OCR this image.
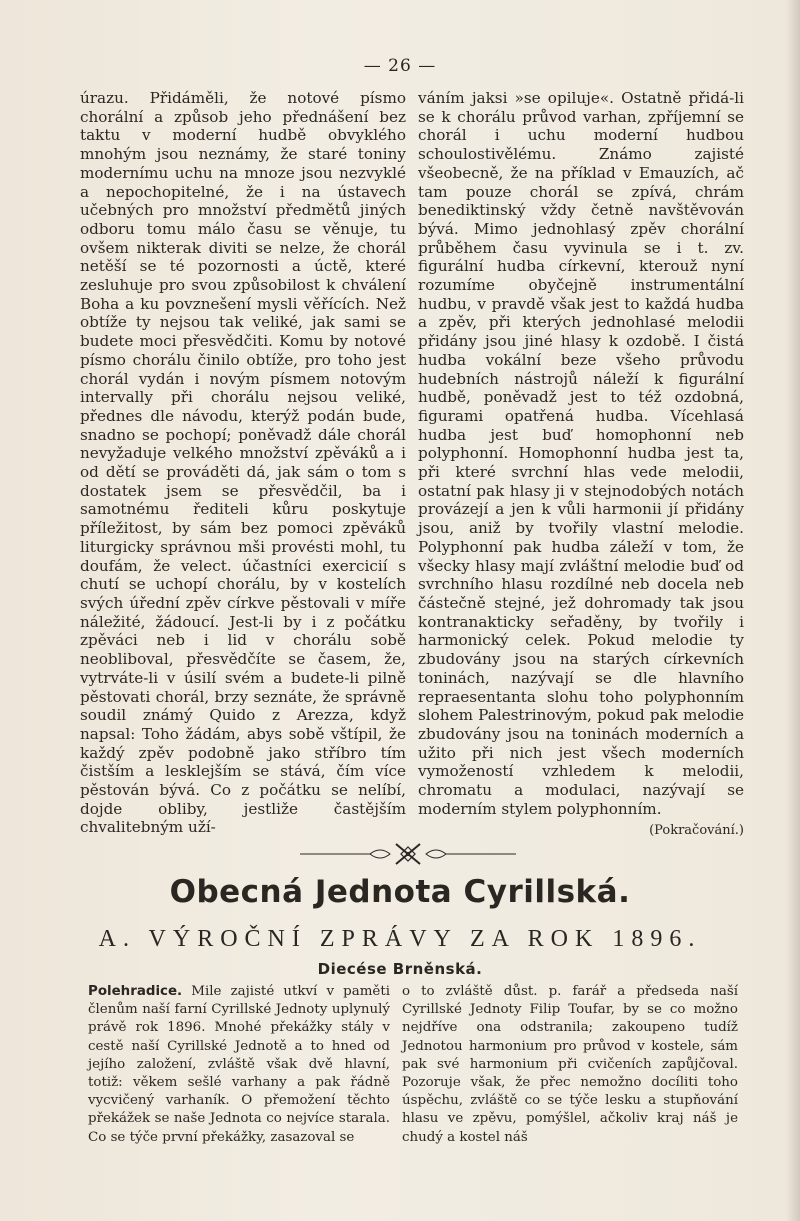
— 26 —

úrazu. Přidáměli, že notové písmo chorální a způsob jeho přednášení bez taktu v moderní hudbě obvyklého mnohým jsou neznámy, že staré toniny modernímu uchu na mnoze jsou nezvyklé a nepochopitelné, že i na ústavech učebných pro množství předmětů jiných odboru tomu málo času se věnuje, tu ovšem nikterak diviti se nelze, že chorál netěší se té pozornosti a úctě, které zesluhuje pro svou způsobilost k chválení Boha a ku povznešení mysli věřících. Než obtíže ty nejsou tak veliké, jak sami se budete moci přesvědčiti. Komu by notové písmo chorálu činilo obtíže, pro toho jest chorál vydán i novým písmem notovým intervally při chorálu nejsou veliké, přednes dle návodu, kterýž podán bude, snadno se pochopí; poněvadž dále chorál nevyžaduje velkého množství zpěváků a i od dětí se prováděti dá, jak sám o tom s dostatek jsem se přesvědčil, ba i samotnému řediteli kůru poskytuje příležitost, by sám bez pomoci zpěváků liturgicky správnou mši provésti mohl, tu doufám, že velect. účastníci exercicií s chutí se uchopí chorálu, by v kostelích svých úřední zpěv církve pěstovali v míře náležité, žádoucí. Jest-li by i z počátku zpěváci neb i lid v chorálu sobě neobliboval, přesvědčíte se časem, že, vytrváte-li v úsilí svém a budete-li pilně pěstovati chorál, brzy seznáte, že správně soudil známý Quido z Arezza, když napsal: Toho žádám, abys sobě vštípil, že každý zpěv podobně jako stříbro tím čistším a lesklejším se stává, čím více pěstován bývá. Co z počátku se nelíbí, dojde obliby, jestliže častějším chvalitebným uží-

váním jaksi »se opiluje«. Ostatně přidá-li se k chorálu průvod varhan, zpříjemní se chorál i uchu moderní hudbou schoulostivělému. Známo zajisté všeobecně, že na příklad v Emauzích, ač tam pouze chorál se zpívá, chrám benediktinský vždy četně navštěvován bývá. Mimo jednohlasý zpěv chorální průběhem času vyvinula se i t. zv. figurální hudba církevní, kterouž nyní rozumíme obyčejně instrumentální hudbu, v pravdě však jest to každá hudba a zpěv, při kterých jednohlasé melodii přidány jsou jiné hlasy k ozdobě. I čistá hudba vokální beze všeho průvodu hudebních nástrojů náleží k figurální hudbě, poněvadž jest to též ozdobná, figurami opatřená hudba. Vícehlasá hudba jest buď homophonní neb polyphonní. Homophonní hudba jest ta, při které svrchní hlas vede melodii, ostatní pak hlasy ji v stejnodobých notách provázejí a jen k vůli harmonii jí přidány jsou, aniž by tvořily vlastní melodie. Polyphonní pak hudba záleží v tom, že všecky hlasy mají zvláštní melodie buď od svrchního hlasu rozdílné neb docela neb částečně stejné, jež dohromady tak jsou kontranakticky seřaděny, by tvořily i harmonický celek. Pokud melodie ty zbudovány jsou na starých církevních toninách, nazývají se dle hlavního repraesentanta slohu toho polyphonním slohem Palestrinovým, pokud pak melodie zbudovány jsou na toninách moderních a užito při nich jest všech moderních vymožeností vzhledem k melodii, chromatu a modulaci, nazývají se moderním stylem polyphonním.

(Pokračování.)
Obecná Jednota Cyrillská.
A. VÝROČNÍ ZPRÁVY ZA ROK 1896.
Diecése Brněnská.

Polehradice. Mile zajisté utkví v paměti členům naší farní Cyrillské Jednoty uplynulý právě rok 1896. Mnohé překážky stály v cestě naší Cyrillské Jednotě a to hned od jejího založení, zvláště však dvě hlavní, totiž: věkem sešlé varhany a pak řádně vycvičený varhaník. O přemožení těchto překážek se naše Jednota co nejvíce starala. Co se týče první překážky, zasazoval se

o to zvláště důst. p. farář a předseda naší Cyrillské Jednoty Filip Toufar, by se co možno nejdříve ona odstranila; zakoupeno tudíž Jednotou harmonium pro průvod v kostele, sám pak své harmonium při cvičeních zapůjčoval. Pozoruje však, že přec nemožno docíliti toho úspěchu, zvláště co se týče lesku a stupňování hlasu ve zpěvu, pomýšlel, ačkoliv kraj náš je chudý a kostel náš
